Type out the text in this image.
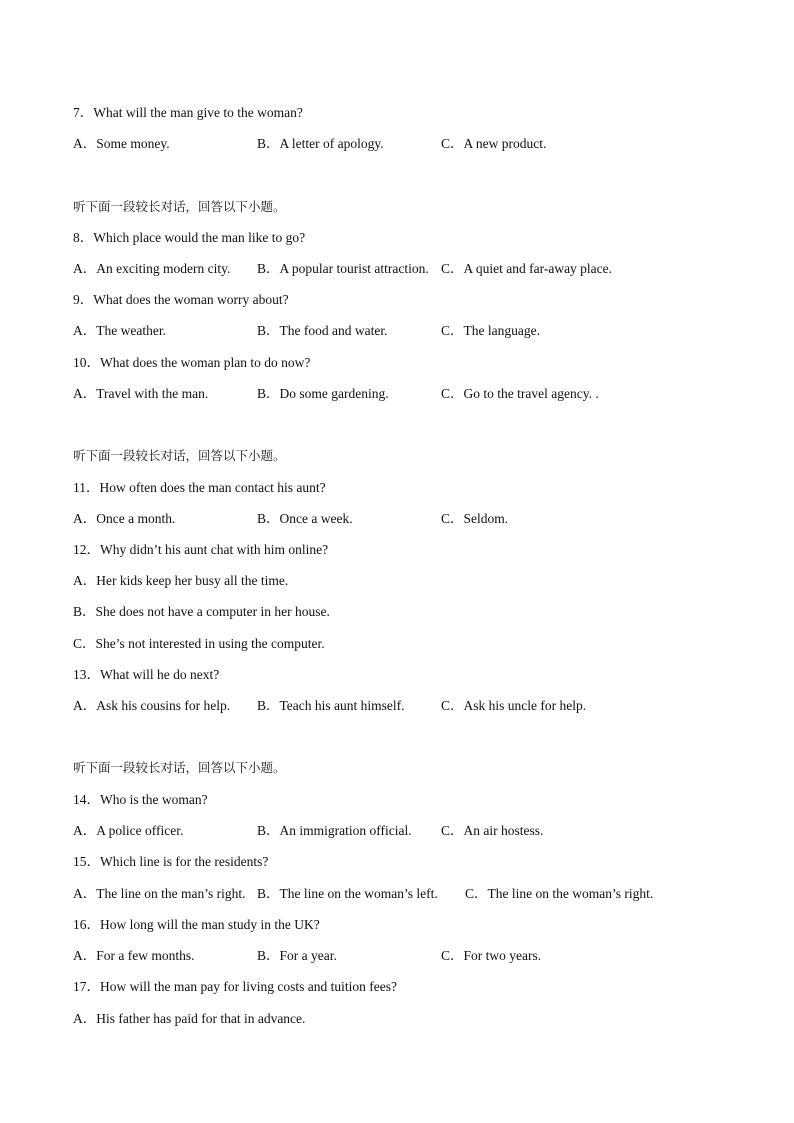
7．What will the man give to the woman?
A．Some money.	B．A letter of apology.	C．A new product.
听下面一段较长对话，回答以下小题。
8．Which place would the man like to go?
A．An exciting modern city. B．A popular tourist attraction. C．A quiet and far-away place.
9．What does the woman worry about?
A．The weather.	B．The food and water.	C．The language.
10．What does the woman plan to do now?
A．Travel with the man.	B．Do some gardening.	C．Go to the travel agency. .
听下面一段较长对话，回答以下小题。
11．How often does the man contact his aunt?
A．Once a month.	B．Once a week.	C．Seldom.
12．Why didn’t his aunt chat with him online?
A．Her kids keep her busy all the time.
B．She does not have a computer in her house.
C．She’s not interested in using the computer.
13．What will he do next?
A．Ask his cousins for help. B．Teach his aunt himself.	C．Ask his uncle for help.
听下面一段较长对话，回答以下小题。
14．Who is the woman?
A．A police officer.	B．An immigration official. C．An air hostess.
15．Which line is for the residents?
A．The line on the man’s right. B．The line on the woman’s left. C．The line on the woman’s right.
16．How long will the man study in the UK?
A．For a few months.	B．For a year.	C．For two years.
17．How will the man pay for living costs and tuition fees?
A．His father has paid for that in advance.
